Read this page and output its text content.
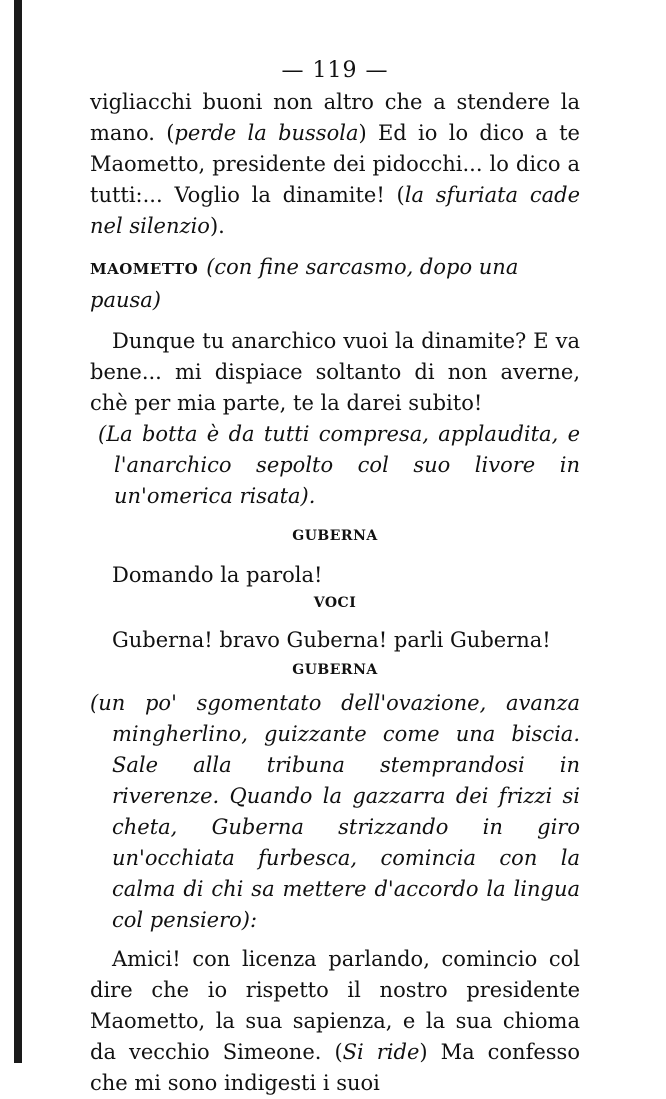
— 119 —

vigliacchi buoni non altro che a stendere la mano. (perde la bussola) Ed io lo dico a te Maometto, presidente dei pidocchi... lo dico a tutti:... Voglio la dinamite! (la sfuriata cade nel silenzio).

MAOMETTO (con fine sarcasmo, dopo una pausa)

Dunque tu anarchico vuoi la dinamite? E va bene... mi dispiace soltanto di non averne, chè per mia parte, te la darei subito!

(La botta è da tutti compresa, applaudita, e l'anarchico sepolto col suo livore in un'omerica risata).

GUBERNA

Domando la parola!

VOCI

Guberna! bravo Guberna! parli Guberna!

GUBERNA

(un po' sgomentato dell'ovazione, avanza mingherlino, guizzante come una biscia. Sale alla tribuna stemprandosi in riverenze. Quando la gazzarra dei frizzi si cheta, Guberna strizzando in giro un'occhiata furbesca, comincia con la calma di chi sa mettere d'accordo la lingua col pensiero):

Amici! con licenza parlando, comincio col dire che io rispetto il nostro presidente Maometto, la sua sapienza, e la sua chioma da vecchio Simeone. (Si ride) Ma confesso che mi sono indigesti i suoi
